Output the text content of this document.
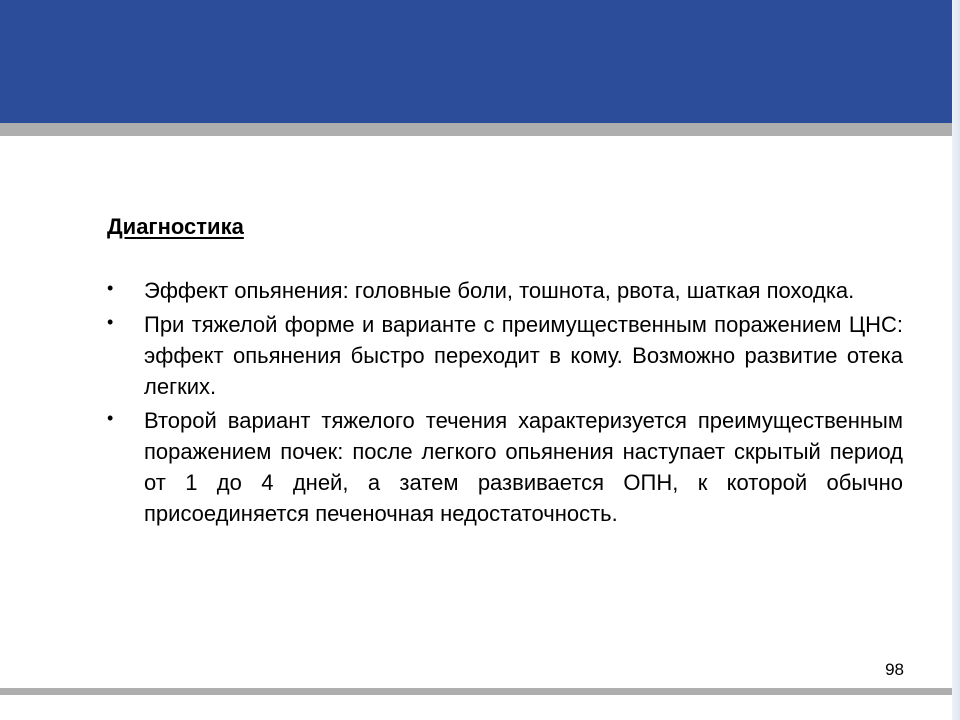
Диагностика
•	Эффект опьянения: головные боли, тошнота, рвота, шаткая походка.
•	При тяжелой форме и варианте с преимущественным поражением ЦНС: эффект опьянения быстро переходит в кому. Возможно развитие отека легких.
•	Второй вариант тяжелого течения характеризуется преимущественным поражением почек: после легкого опьянения наступает скрытый период от 1 до 4 дней, а затем развивается ОПН, к которой обычно присоединяется печеночная недостаточность.
98
